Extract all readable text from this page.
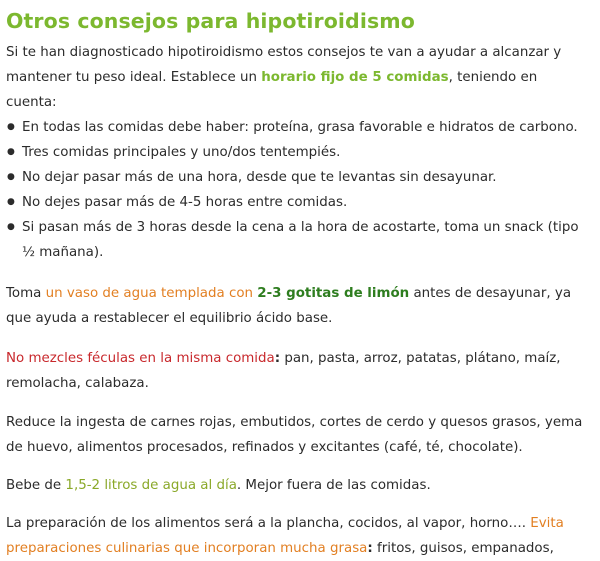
Otros consejos para hipotiroidismo

Si te han diagnosticado hipotiroidismo estos consejos te van a ayudar a alcanzar y mantener tu peso ideal. Establece un horario fijo de 5 comidas, teniendo en cuenta:

● En todas las comidas debe haber: proteína, grasa favorable e hidratos de carbono.
● Tres comidas principales y uno/dos tentempiés.
● No dejar pasar más de una hora, desde que te levantas sin desayunar.
● No dejes pasar más de 4-5 horas entre comidas.
● Si pasan más de 3 horas desde la cena a la hora de acostarte, toma un snack (tipo ½ mañana).

Toma un vaso de agua templada con 2-3 gotitas de limón antes de desayunar, ya que ayuda a restablecer el equilibrio ácido base.

No mezcles féculas en la misma comida: pan, pasta, arroz, patatas, plátano, maíz, remolacha, calabaza.

Reduce la ingesta de carnes rojas, embutidos, cortes de cerdo y quesos grasos, yema de huevo, alimentos procesados, refinados y excitantes (café, té, chocolate).

Bebe de 1,5-2 litros de agua al día. Mejor fuera de las comidas.

La preparación de los alimentos será a la plancha, cocidos, al vapor, horno…. Evita preparaciones culinarias que incorporan mucha grasa: fritos, guisos, empanados,
